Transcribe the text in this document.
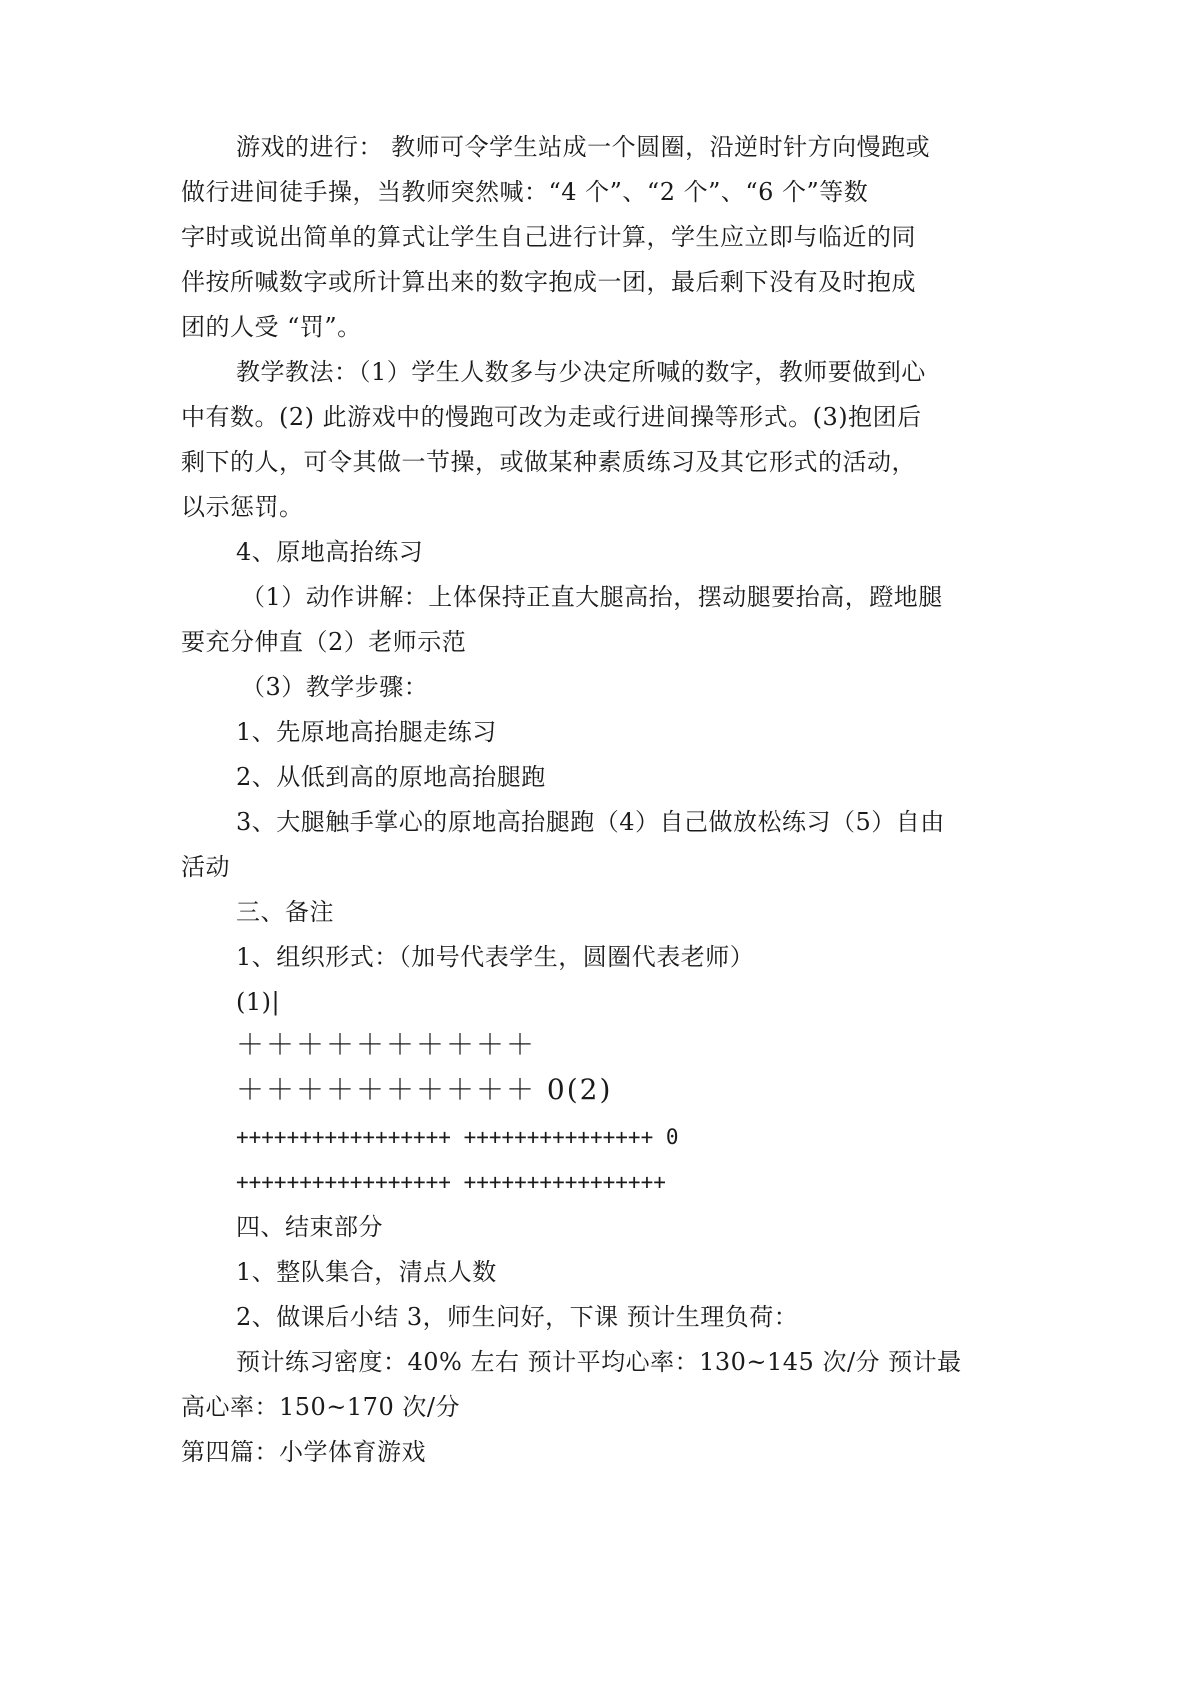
游戏的进行： 教师可令学生站成一个圆圈，沿逆时针方向慢跑或
做行进间徒手操，当教师突然喊：“4 个”、“2 个”、“6 个”等数
字时或说出简单的算式让学生自己进行计算，学生应立即与临近的同
伴按所喊数字或所计算出来的数字抱成一团，最后剩下没有及时抱成
团的人受 “罚”。
教学教法：（1）学生人数多与少决定所喊的数字，教师要做到心
中有数。(2) 此游戏中的慢跑可改为走或行进间操等形式。(3)抱团后
剩下的人，可令其做一节操，或做某种素质练习及其它形式的活动，
以示惩罚。
4、原地高抬练习
（1）动作讲解：上体保持正直大腿高抬，摆动腿要抬高，蹬地腿
要充分伸直（2）老师示范
（3）教学步骤：
1、先原地高抬腿走练习
2、从低到高的原地高抬腿跑
3、大腿触手掌心的原地高抬腿跑（4）自己做放松练习（5）自由
活动
三、备注
1、组织形式：（加号代表学生，圆圈代表老师）
(1)|
＋＋＋＋＋＋＋＋＋＋
＋＋＋＋＋＋＋＋＋＋ 0(2)
+++++++++++++++++ +++++++++++++++ 0
+++++++++++++++++ ++++++++++++++++
四、结束部分
1、整队集合，清点人数
2、做课后小结 3，师生问好，下课 预计生理负荷：
预计练习密度：40% 左右 预计平均心率：130~145 次/分 预计最
高心率：150~170 次/分
第四篇：小学体育游戏
